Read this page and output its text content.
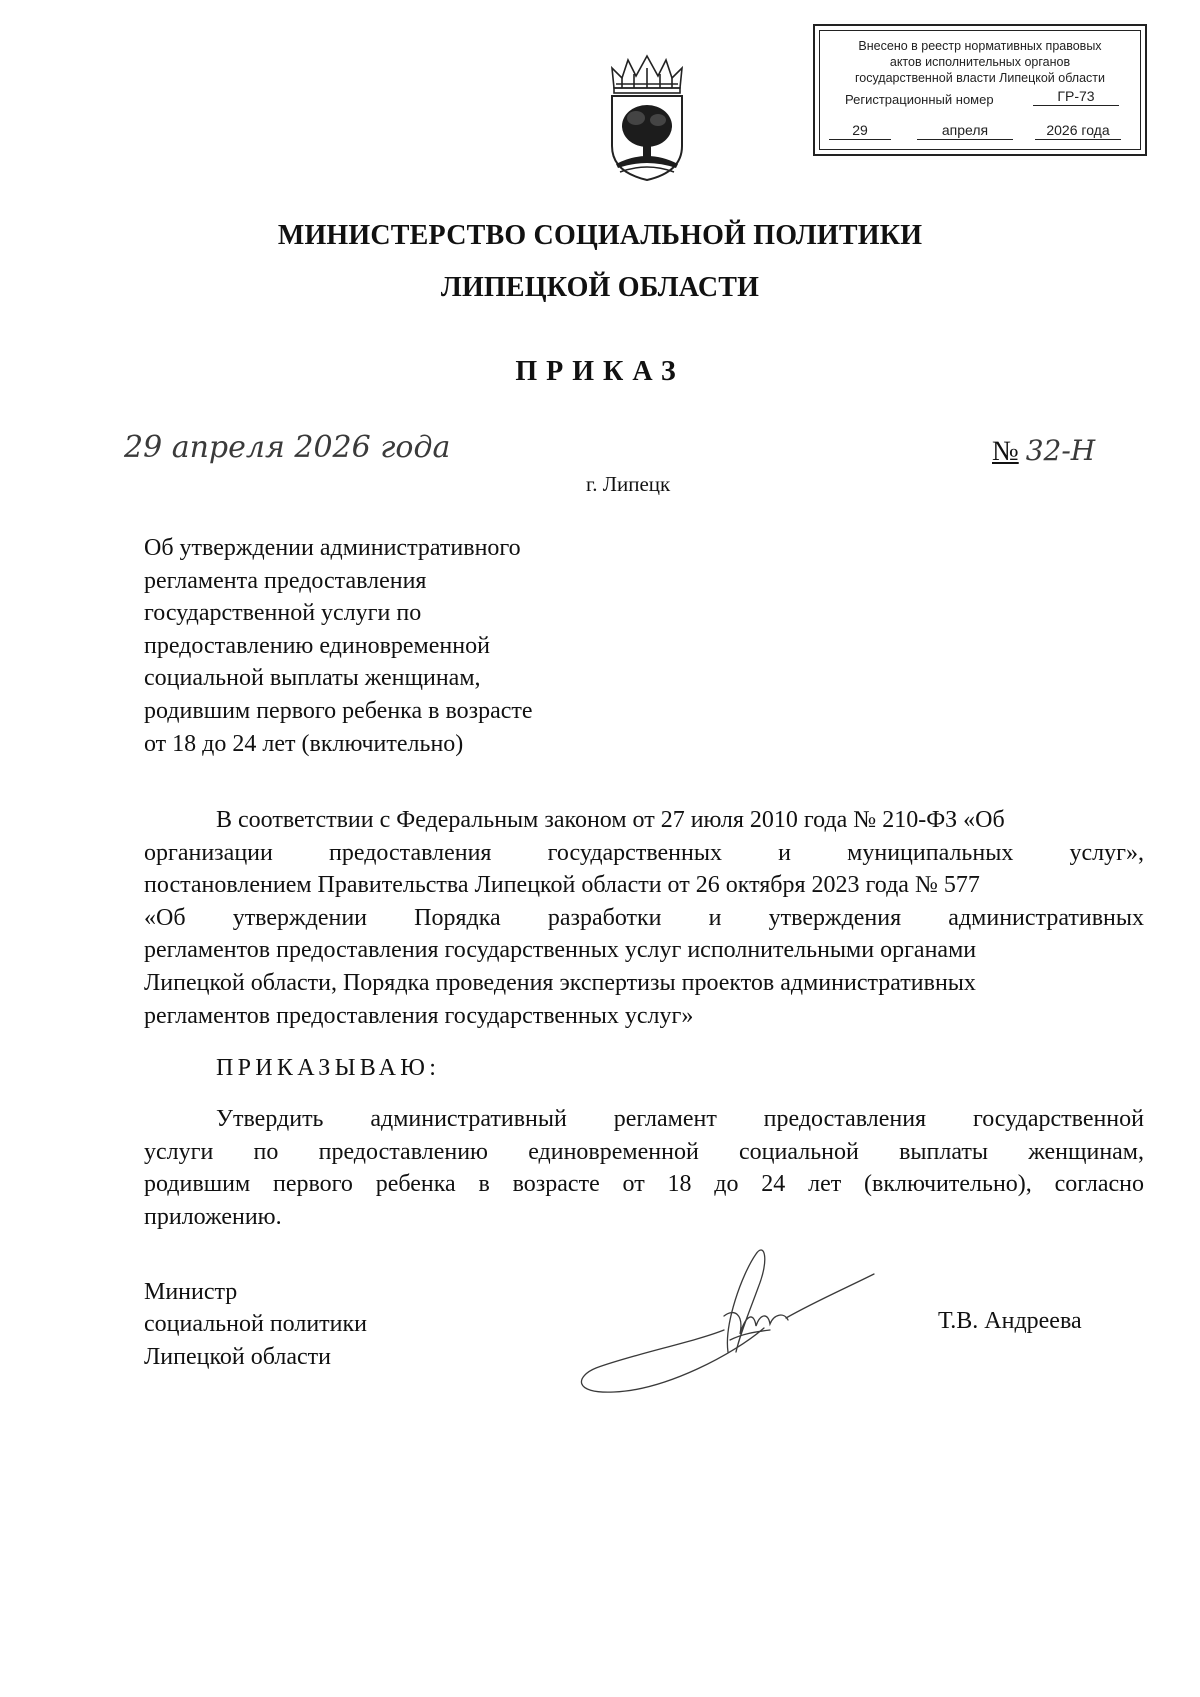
Внесено в реестр нормативных правовых
актов исполнительных органов
государственной власти Липецкой области
Регистрационный номер	ГР-73
29	апреля	2026 года
МИНИСТЕРСТВО СОЦИАЛЬНОЙ ПОЛИТИКИ
ЛИПЕЦКОЙ ОБЛАСТИ
ПРИКАЗ
29 апреля 2026 года	№ 32-Н
г. Липецк
Об утверждении административного
регламента предоставления
государственной услуги по
предоставлению единовременной
социальной выплаты женщинам,
родившим первого ребенка в возрасте
от 18 до 24 лет (включительно)
В соответствии с Федеральным законом от 27 июля 2010 года № 210-ФЗ «Об
организации предоставления государственных и муниципальных услуг»,
постановлением Правительства Липецкой области от 26 октября 2023 года № 577
«Об утверждении Порядка разработки и утверждения административных
регламентов предоставления государственных услуг исполнительными органами
Липецкой области, Порядка проведения экспертизы проектов административных
регламентов предоставления государственных услуг»
ПРИКАЗЫВАЮ:
Утвердить административный регламент предоставления государственной
услуги по предоставлению единовременной социальной выплаты женщинам,
родившим первого ребенка в возрасте от 18 до 24 лет (включительно), согласно
приложению.
Министр
социальной политики
Липецкой области
Т.В. Андреева
